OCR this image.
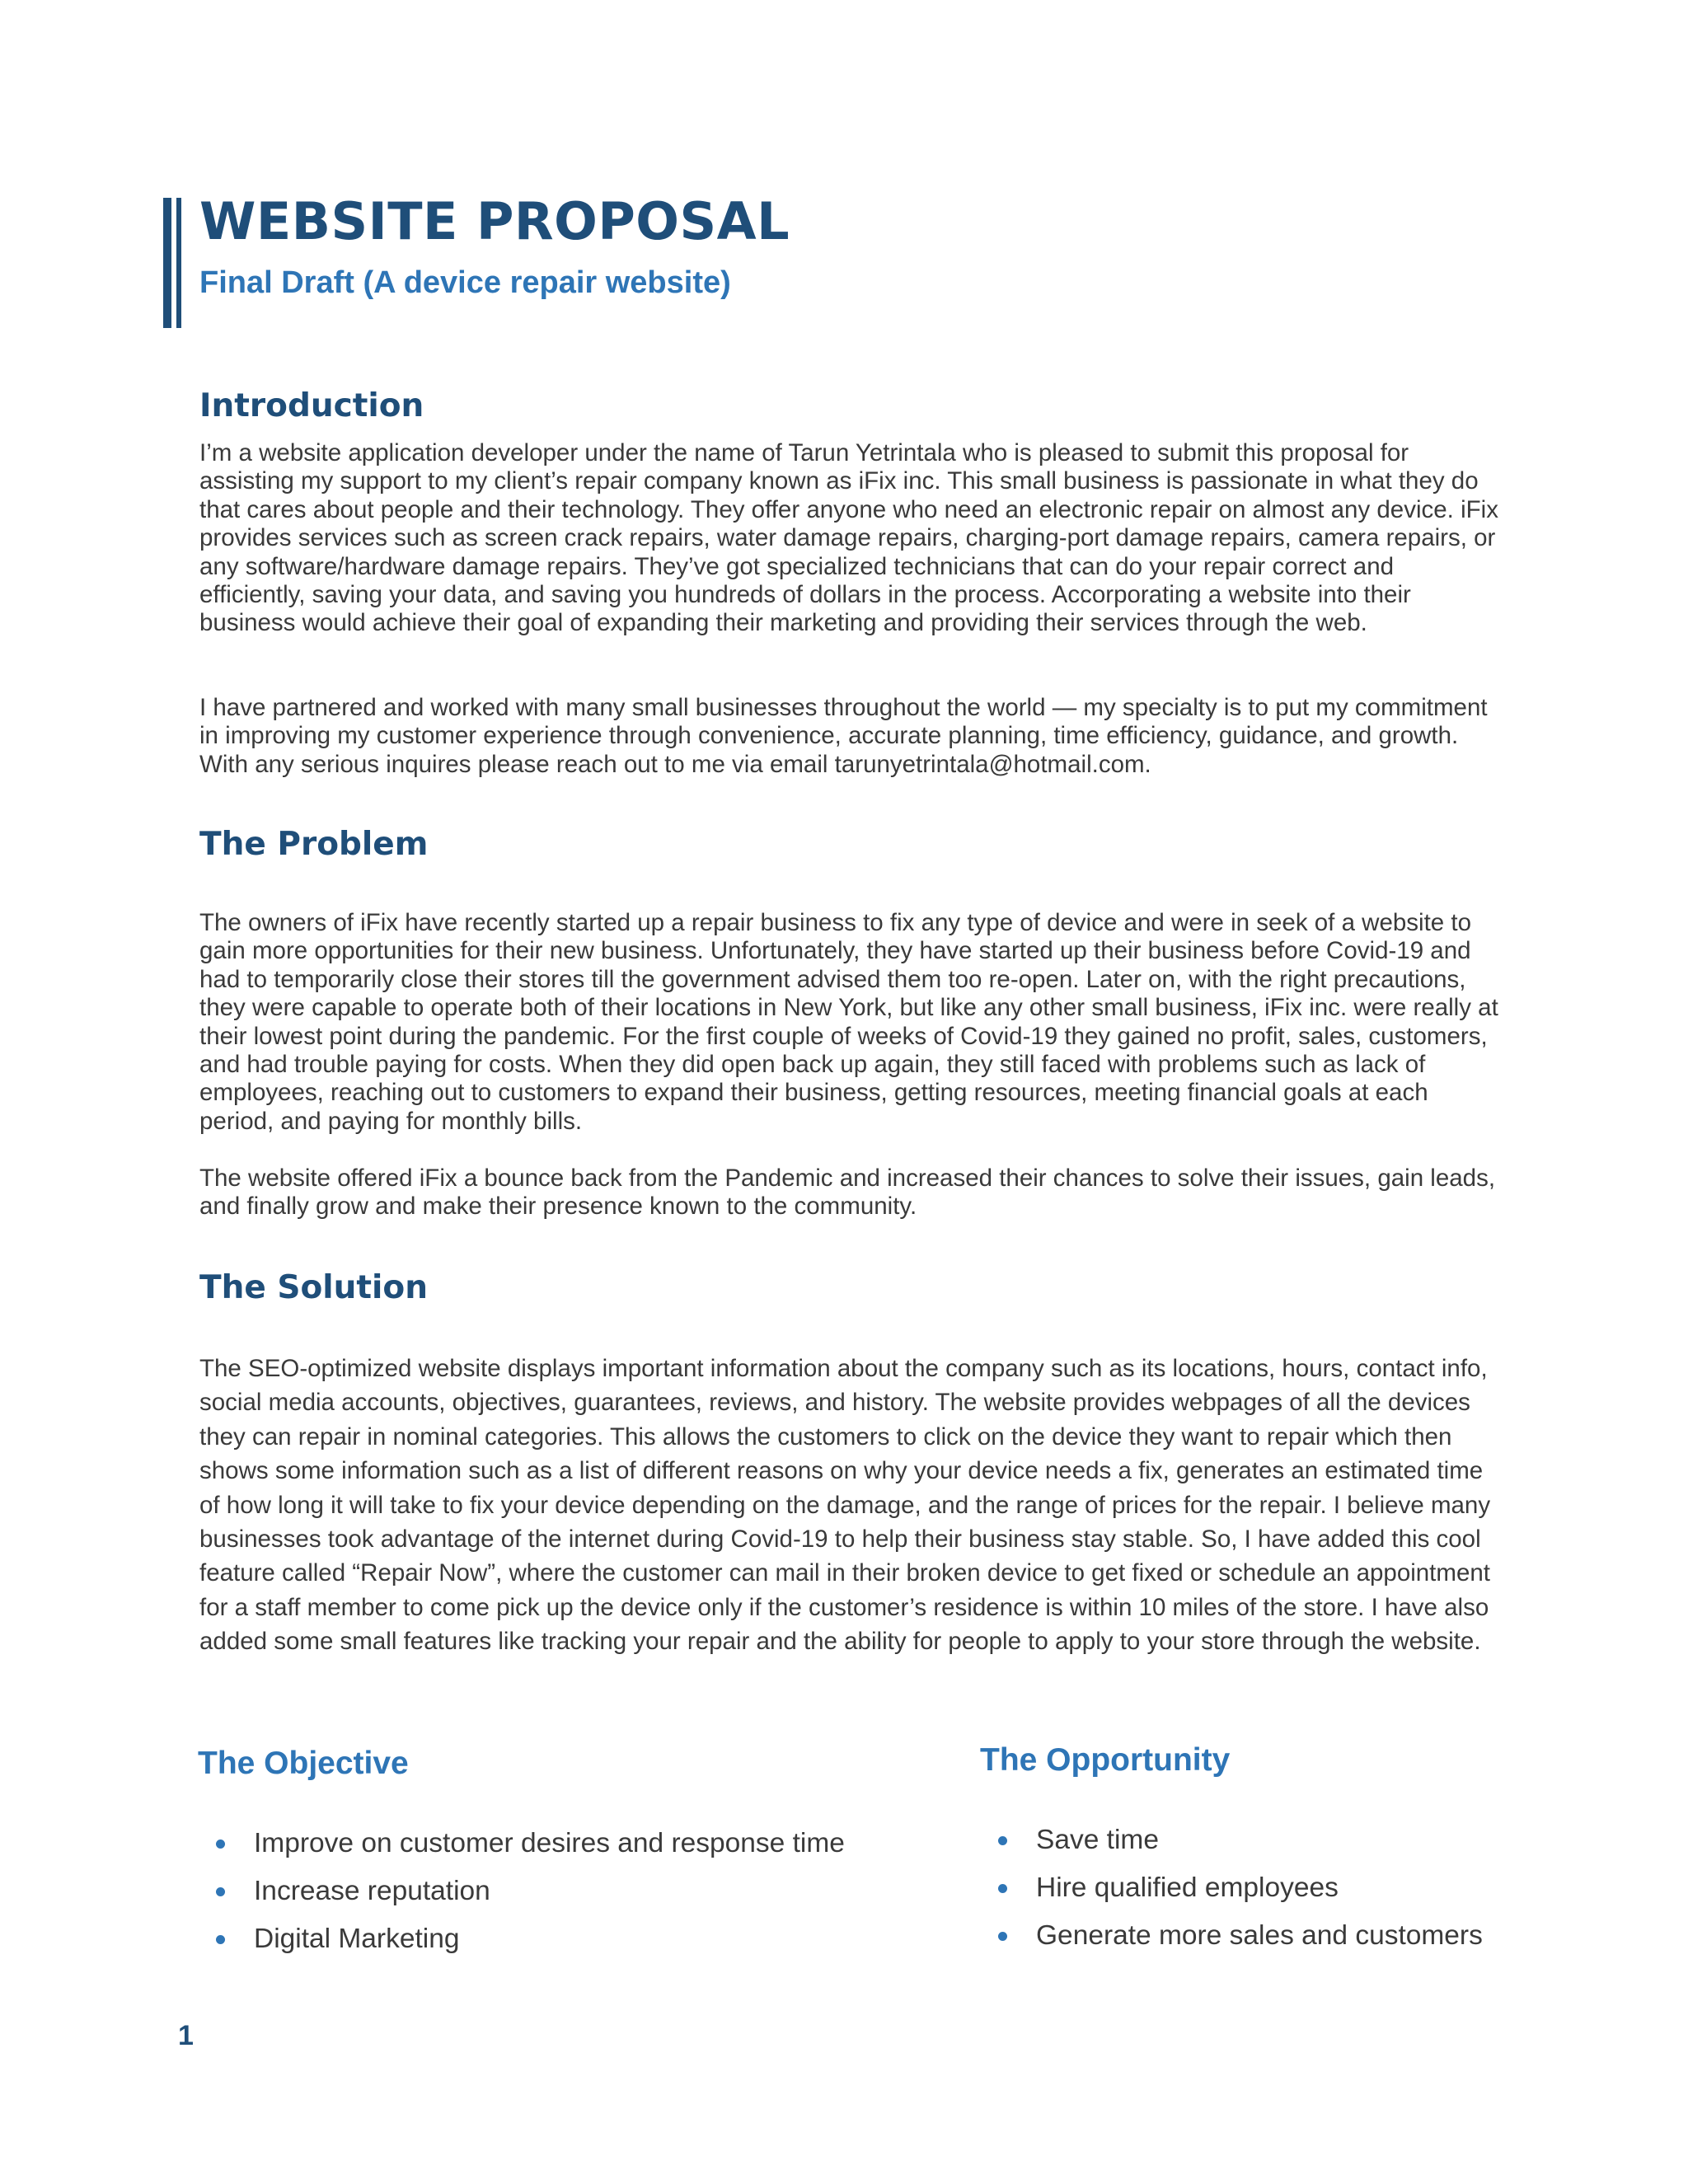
WEBSITE PROPOSAL
Final Draft (A device repair website)
Introduction

I’m a website application developer under the name of Tarun Yetrintala who is pleased to submit this proposal for assisting my support to my client’s repair company known as iFix inc. This small business is passionate in what they do that cares about people and their technology. They offer anyone who need an electronic repair on almost any device. iFix provides services such as screen crack repairs, water damage repairs, charging-port damage repairs, camera repairs, or any software/hardware damage repairs. They’ve got specialized technicians that can do your repair correct and efficiently, saving your data, and saving you hundreds of dollars in the process. Accorporating a website into their business would achieve their goal of expanding their marketing and providing their services through the web.

I have partnered and worked with many small businesses throughout the world — my specialty is to put my commitment in improving my customer experience through convenience, accurate planning, time efficiency, guidance, and growth. With any serious inquires please reach out to me via email tarunyetrintala@hotmail.com.

The Problem

The owners of iFix have recently started up a repair business to fix any type of device and were in seek of a website to gain more opportunities for their new business. Unfortunately, they have started up their business before Covid-19 and had to temporarily close their stores till the government advised them too re-open. Later on, with the right precautions, they were capable to operate both of their locations in New York, but like any other small business, iFix inc. were really at their lowest point during the pandemic. For the first couple of weeks of Covid-19 they gained no profit, sales, customers, and had trouble paying for costs. When they did open back up again, they still faced with problems such as lack of employees, reaching out to customers to expand their business, getting resources, meeting financial goals at each period, and paying for monthly bills.

The website offered iFix a bounce back from the Pandemic and increased their chances to solve their issues, gain leads, and finally grow and make their presence known to the community.

The Solution

The SEO-optimized website displays important information about the company such as its locations, hours, contact info, social media accounts, objectives, guarantees, reviews, and history. The website provides webpages of all the devices they can repair in nominal categories. This allows the customers to click on the device they want to repair which then shows some information such as a list of different reasons on why your device needs a fix, generates an estimated time of how long it will take to fix your device depending on the damage, and the range of prices for the repair. I believe many businesses took advantage of the internet during Covid-19 to help their business stay stable. So, I have added this cool feature called “Repair Now”, where the customer can mail in their broken device to get fixed or schedule an appointment for a staff member to come pick up the device only if the customer’s residence is within 10 miles of the store. I have also added some small features like tracking your repair and the ability for people to apply to your store through the website.

The Objective
Improve on customer desires and response time
Increase reputation
Digital Marketing
The Opportunity
Save time
Hire qualified employees
Generate more sales and customers
1
